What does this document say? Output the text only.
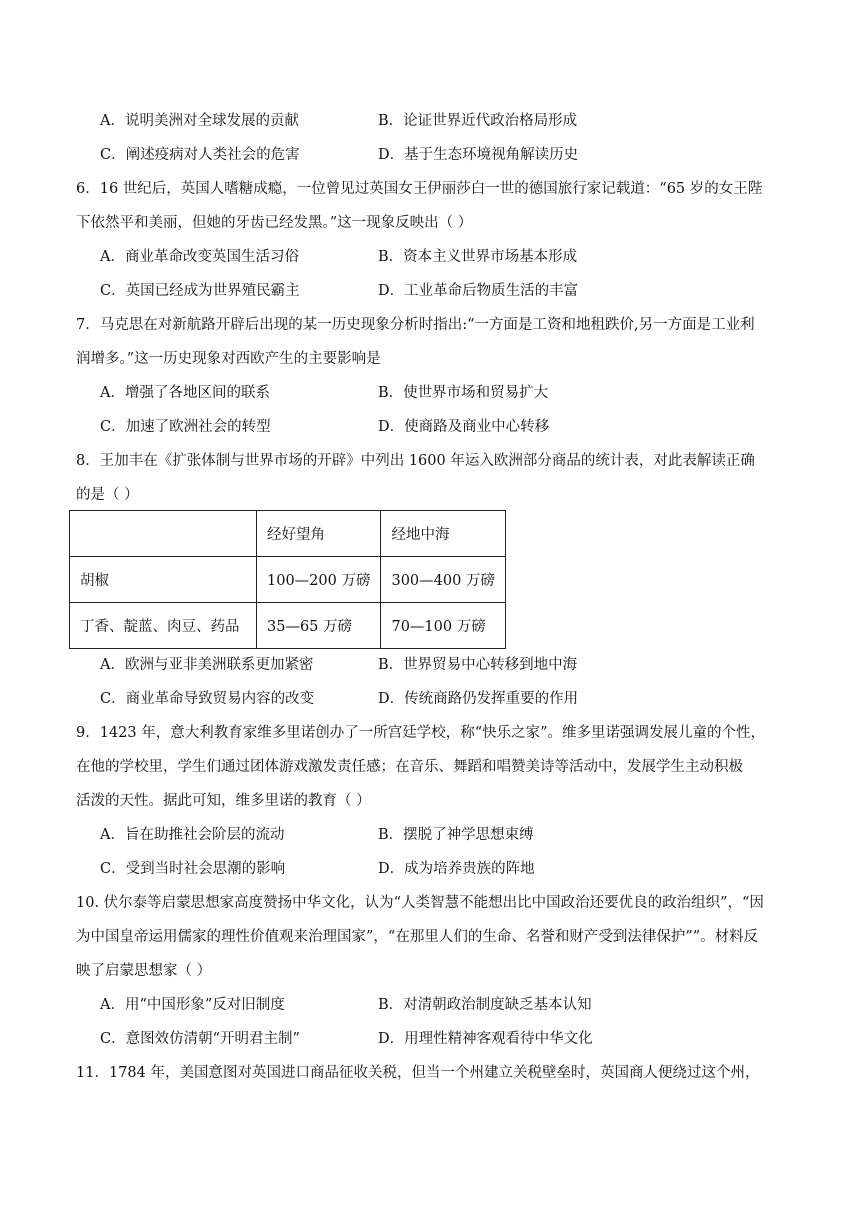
A．说明美洲对全球发展的贡献	B．论证世界近代政治格局形成
C．阐述疫病对人类社会的危害	D．基于生态环境视角解读历史
6．16 世纪后，英国人嗜糖成瘾，一位曾见过英国女王伊丽莎白一世的德国旅行家记载道：“65 岁的女王陛
下依然平和美丽，但她的牙齿已经发黑。”这一现象反映出（ ）
A．商业革命改变英国生活习俗	B．资本主义世界市场基本形成
C．英国已经成为世界殖民霸主	D．工业革命后物质生活的丰富
7．马克思在对新航路开辟后出现的某一历史现象分析时指出:“一方面是工资和地租跌价,另一方面是工业利
润增多。”这一历史现象对西欧产生的主要影响是
A．增强了各地区间的联系	B．使世界市场和贸易扩大
C．加速了欧洲社会的转型	D．使商路及商业中心转移
8．王加丰在《扩张体制与世界市场的开辟》中列出 1600 年运入欧洲部分商品的统计表，对此表解读正确
的是（ ）
	经好望角	经地中海
胡椒	100—200 万磅	300—400 万磅
丁香、靛蓝、肉豆、药品	35—65 万磅	70—100 万磅
A．欧洲与亚非美洲联系更加紧密	B．世界贸易中心转移到地中海
C．商业革命导致贸易内容的改变	D．传统商路仍发挥重要的作用
9．1423 年，意大利教育家维多里诺创办了一所宫廷学校，称“快乐之家”。维多里诺强调发展儿童的个性，
在他的学校里，学生们通过团体游戏激发责任感；在音乐、舞蹈和唱赞美诗等活动中，发展学生主动积极
活泼的天性。据此可知，维多里诺的教育（ ）
A．旨在助推社会阶层的流动	B．摆脱了神学思想束缚
C．受到当时社会思潮的影响	D．成为培养贵族的阵地
10. 伏尔泰等启蒙思想家高度赞扬中华文化，认为“人类智慧不能想出比中国政治还要优良的政治组织”，“因
为中国皇帝运用儒家的理性价值观来治理国家”，“在那里人们的生命、名誉和财产受到法律保护””。材料反
映了启蒙思想家（ ）
A．用“中国形象”反对旧制度	B．对清朝政治制度缺乏基本认知
C．意图效仿清朝“开明君主制”	D．用理性精神客观看待中华文化
11．1784 年，美国意图对英国进口商品征收关税，但当一个州建立关税壁垒时，英国商人便绕过这个州，
